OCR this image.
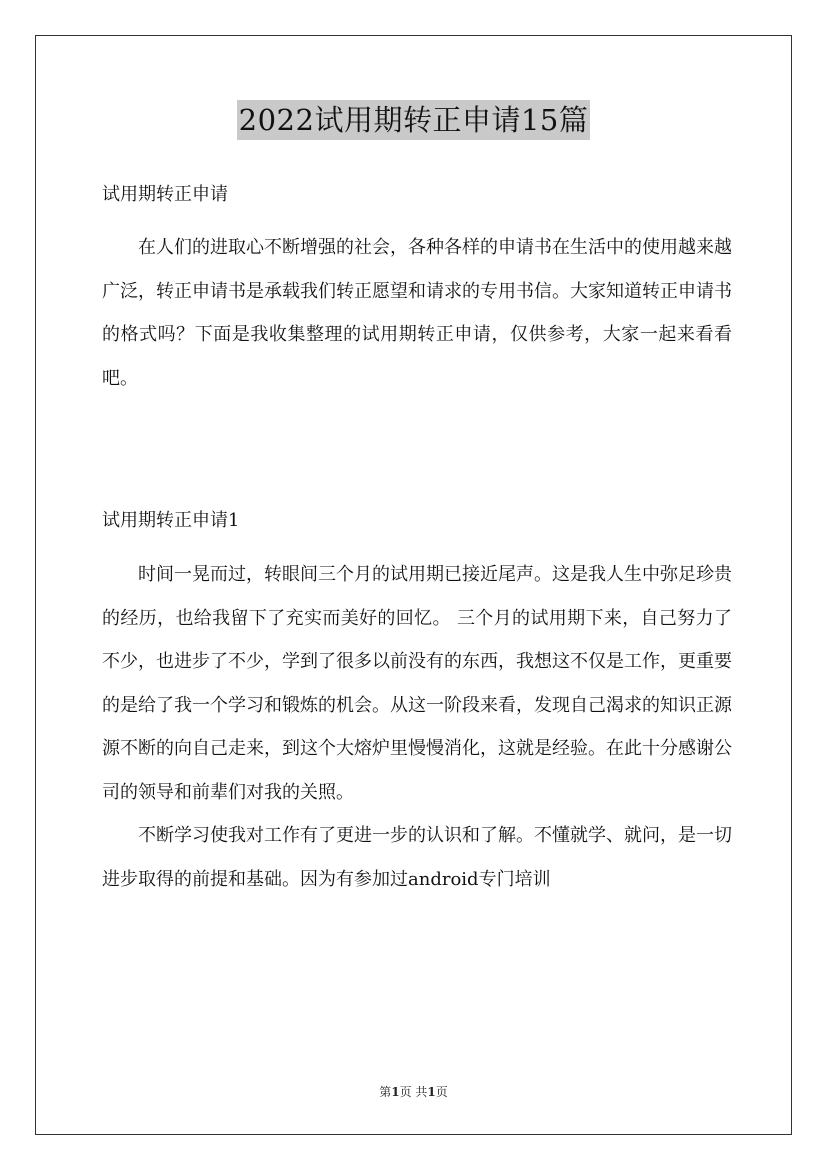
2022试用期转正申请15篇
试用期转正申请

在人们的进取心不断增强的社会，各种各样的申请书在生活中的使用越来越广泛，转正申请书是承载我们转正愿望和请求的专用书信。大家知道转正申请书的格式吗？下面是我收集整理的试用期转正申请，仅供参考，大家一起来看看吧。

试用期转正申请1

时间一晃而过，转眼间三个月的试用期已接近尾声。这是我人生中弥足珍贵的经历，也给我留下了充实而美好的回忆。 三个月的试用期下来，自己努力了不少，也进步了不少，学到了很多以前没有的东西，我想这不仅是工作，更重要的是给了我一个学习和锻炼的机会。从这一阶段来看，发现自己渴求的知识正源源不断的向自己走来，到这个大熔炉里慢慢消化，这就是经验。在此十分感谢公司的领导和前辈们对我的关照。

不断学习使我对工作有了更进一步的认识和了解。不懂就学、就问，是一切进步取得的前提和基础。因为有参加过android专门培训

第1页 共1页
